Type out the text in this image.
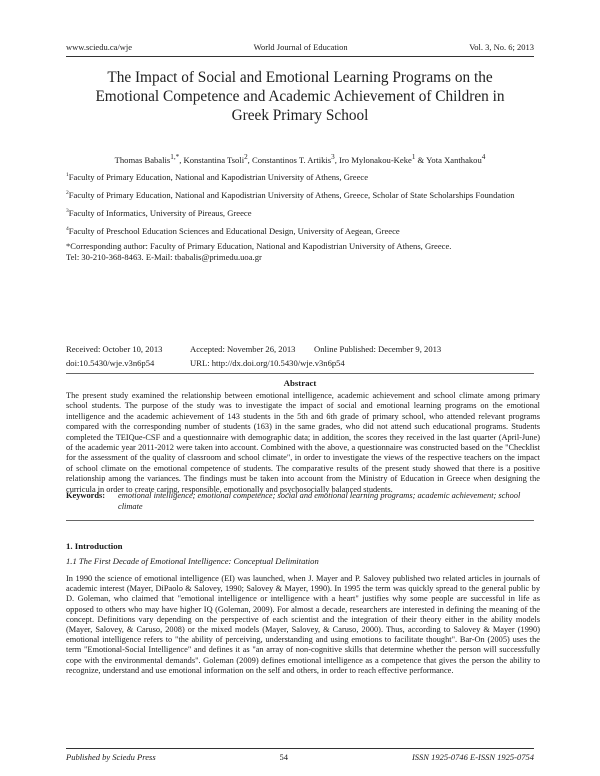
www.sciedu.ca/wje	World Journal of Education	Vol. 3, No. 6; 2013
The Impact of Social and Emotional Learning Programs on the
Emotional Competence and Academic Achievement of Children in
Greek Primary School
Thomas Babalis$^{1,*}$, Konstantina Tsoli$^2$, Constantinos T. Artikis$^3$, Iro Mylonakou-Keke$^1$ & Yota Xanthakou$^4$

$^1$Faculty of Primary Education, National and Kapodistrian University of Athens, Greece

$^2$Faculty of Primary Education, National and Kapodistrian University of Athens, Greece, Scholar of State Scholarships Foundation

$^3$Faculty of Informatics, University of Pireaus, Greece

$^4$Faculty of Preschool Education Sciences and Educational Design, University of Aegean, Greece

*Corresponding author: Faculty of Primary Education, National and Kapodistrian University of Athens, Greece.
Tel: 30-210-368-8463. E-Mail: tbabalis@primedu.uoa.gr

Received: October 10, 2013	Accepted: November 26, 2013	Online Published: December 9, 2013
doi:10.5430/wje.v3n6p54	URL: http://dx.doi.org/10.5430/wje.v3n6p54
Abstract
The present study examined the relationship between emotional intelligence, academic achievement and school climate among primary school students. The purpose of the study was to investigate the impact of social and emotional learning programs on the emotional intelligence and the academic achievement of 143 students in the 5th and 6th grade of primary school, who attended relevant programs compared with the corresponding number of students (163) in the same grades, who did not attend such educational programs. Students completed the TEIQue-CSF and a questionnaire with demographic data; in addition, the scores they received in the last quarter (April-June) of the academic year 2011-2012 were taken into account. Combined with the above, a questionnaire was constructed based on the "Checklist for the assessment of the quality of classroom and school climate", in order to investigate the views of the respective teachers on the impact of school climate on the emotional competence of students. The comparative results of the present study showed that there is a positive relationship among the variances. The findings must be taken into account from the Ministry of Education in Greece when designing the curricula in order to create caring, responsible, emotionally and psychosocially balanced students.
Keywords:	emotional intelligence; emotional competence; social and emotional learning programs; academic achievement; school climate
1. Introduction
1.1 The First Decade of Emotional Intelligence: Conceptual Delimitation
In 1990 the science of emotional intelligence (EI) was launched, when J. Mayer and P. Salovey published two related articles in journals of academic interest (Mayer, DiPaolo & Salovey, 1990; Salovey & Mayer, 1990). In 1995 the term was quickly spread to the general public by D. Goleman, who claimed that "emotional intelligence or intelligence with a heart" justifies why some people are successful in life as opposed to others who may have higher IQ (Goleman, 2009). For almost a decade, researchers are interested in defining the meaning of the concept. Definitions vary depending on the perspective of each scientist and the integration of their theory either in the ability models (Mayer, Salovey, & Caruso, 2008) or the mixed models (Mayer, Salovey, & Caruso, 2000). Thus, according to Salovey & Mayer (1990) emotional intelligence refers to "the ability of perceiving, understanding and using emotions to facilitate thought". Bar-On (2005) uses the term "Emotional-Social Intelligence" and defines it as "an array of non-cognitive skills that determine whether the person will successfully cope with the environmental demands". Goleman (2009) defines emotional intelligence as a competence that gives the person the ability to recognize, understand and use emotional information on the self and others, in order to reach effective performance.
Published by Sciedu Press	54	ISSN 1925-0746 E-ISSN 1925-0754
